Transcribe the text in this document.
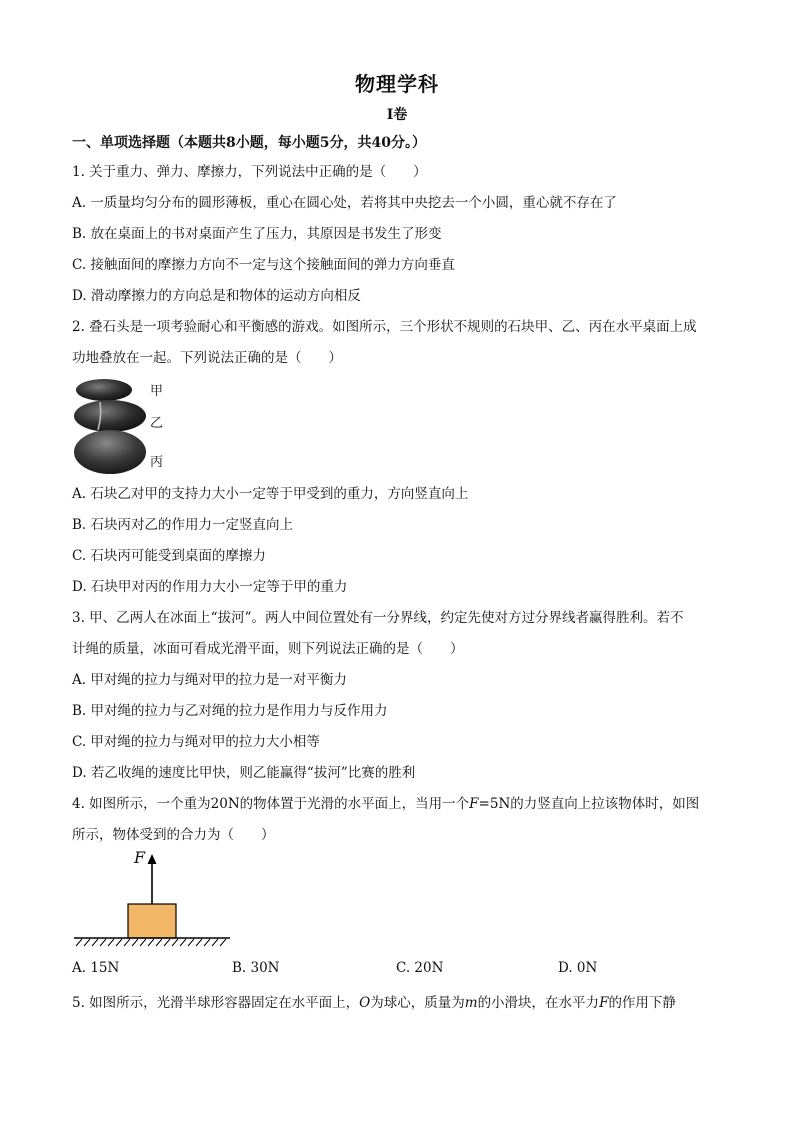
物理学科
I卷
一、单项选择题（本题共8小题，每小题5分，共40分。）
1. 关于重力、弹力、摩擦力，下列说法中正确的是（　　）
A. 一质量均匀分布的圆形薄板，重心在圆心处，若将其中央挖去一个小圆，重心就不存在了
B. 放在桌面上的书对桌面产生了压力，其原因是书发生了形变
C. 接触面间的摩擦力方向不一定与这个接触面间的弹力方向垂直
D. 滑动摩擦力的方向总是和物体的运动方向相反
2. 叠石头是一项考验耐心和平衡感的游戏。如图所示，三个形状不规则的石块甲、乙、丙在水平桌面上成
功地叠放在一起。下列说法正确的是（　　）
甲
乙
丙
A. 石块乙对甲的支持力大小一定等于甲受到的重力，方向竖直向上
B. 石块丙对乙的作用力一定竖直向上
C. 石块丙可能受到桌面的摩擦力
D. 石块甲对丙的作用力大小一定等于甲的重力
3. 甲、乙两人在冰面上“拔河”。两人中间位置处有一分界线，约定先使对方过分界线者赢得胜利。若不
计绳的质量，冰面可看成光滑平面，则下列说法正确的是（　　）
A. 甲对绳的拉力与绳对甲的拉力是一对平衡力
B. 甲对绳的拉力与乙对绳的拉力是作用力与反作用力
C. 甲对绳的拉力与绳对甲的拉力大小相等
D. 若乙收绳的速度比甲快，则乙能赢得“拔河”比赛的胜利
4. 如图所示，一个重为20N的物体置于光滑的水平面上，当用一个F=5N的力竖直向上拉该物体时，如图
所示，物体受到的合力为（　　）
F
A. 15N	B. 30N	C. 20N	D. 0N
5. 如图所示，光滑半球形容器固定在水平面上，O为球心，质量为m的小滑块，在水平力F的作用下静
